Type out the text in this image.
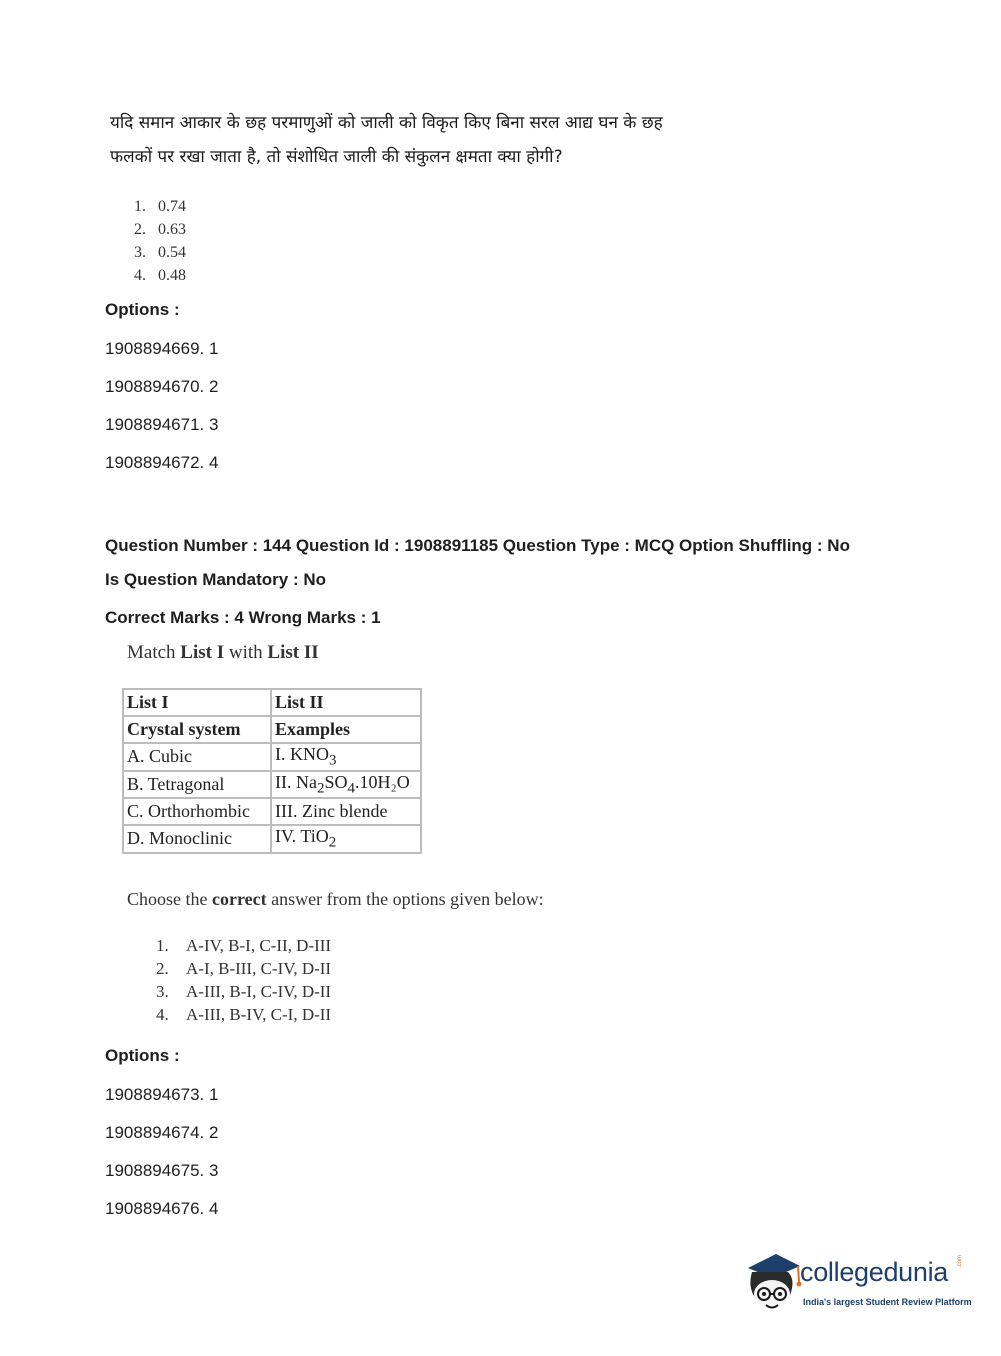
यदि समान आकार के छह परमाणुओं को जाली को विकृत किए बिना सरल आद्य घन के छह
फलकों पर रखा जाता है, तो संशोधित जाली की संकुलन क्षमता क्या होगी?
1. 0.74
2. 0.63
3. 0.54
4. 0.48
Options :
1908894669. 1
1908894670. 2
1908894671. 3
1908894672. 4
Question Number : 144 Question Id : 1908891185 Question Type : MCQ Option Shuffling : No
Is Question Mandatory : No
Correct Marks : 4 Wrong Marks : 1
Match List I with List II
List I	List II
Crystal system	Examples
A. Cubic	I. $KNO_3$
B. Tetragonal	II. $Na_2SO_4.10H_2O$
C. Orthorhombic	III. Zinc blende
D. Monoclinic	IV. TiO$_2$
Choose the correct answer from the options given below:
1. A-IV, B-I, C-II, D-III
2. A-I, B-III, C-IV, D-II
3. A-III, B-I, C-IV, D-II
4. A-III, B-IV, C-I, D-II
Options :
1908894673. 1
1908894674. 2
1908894675. 3
1908894676. 4
collegedunia .com
India's largest Student Review Platform
